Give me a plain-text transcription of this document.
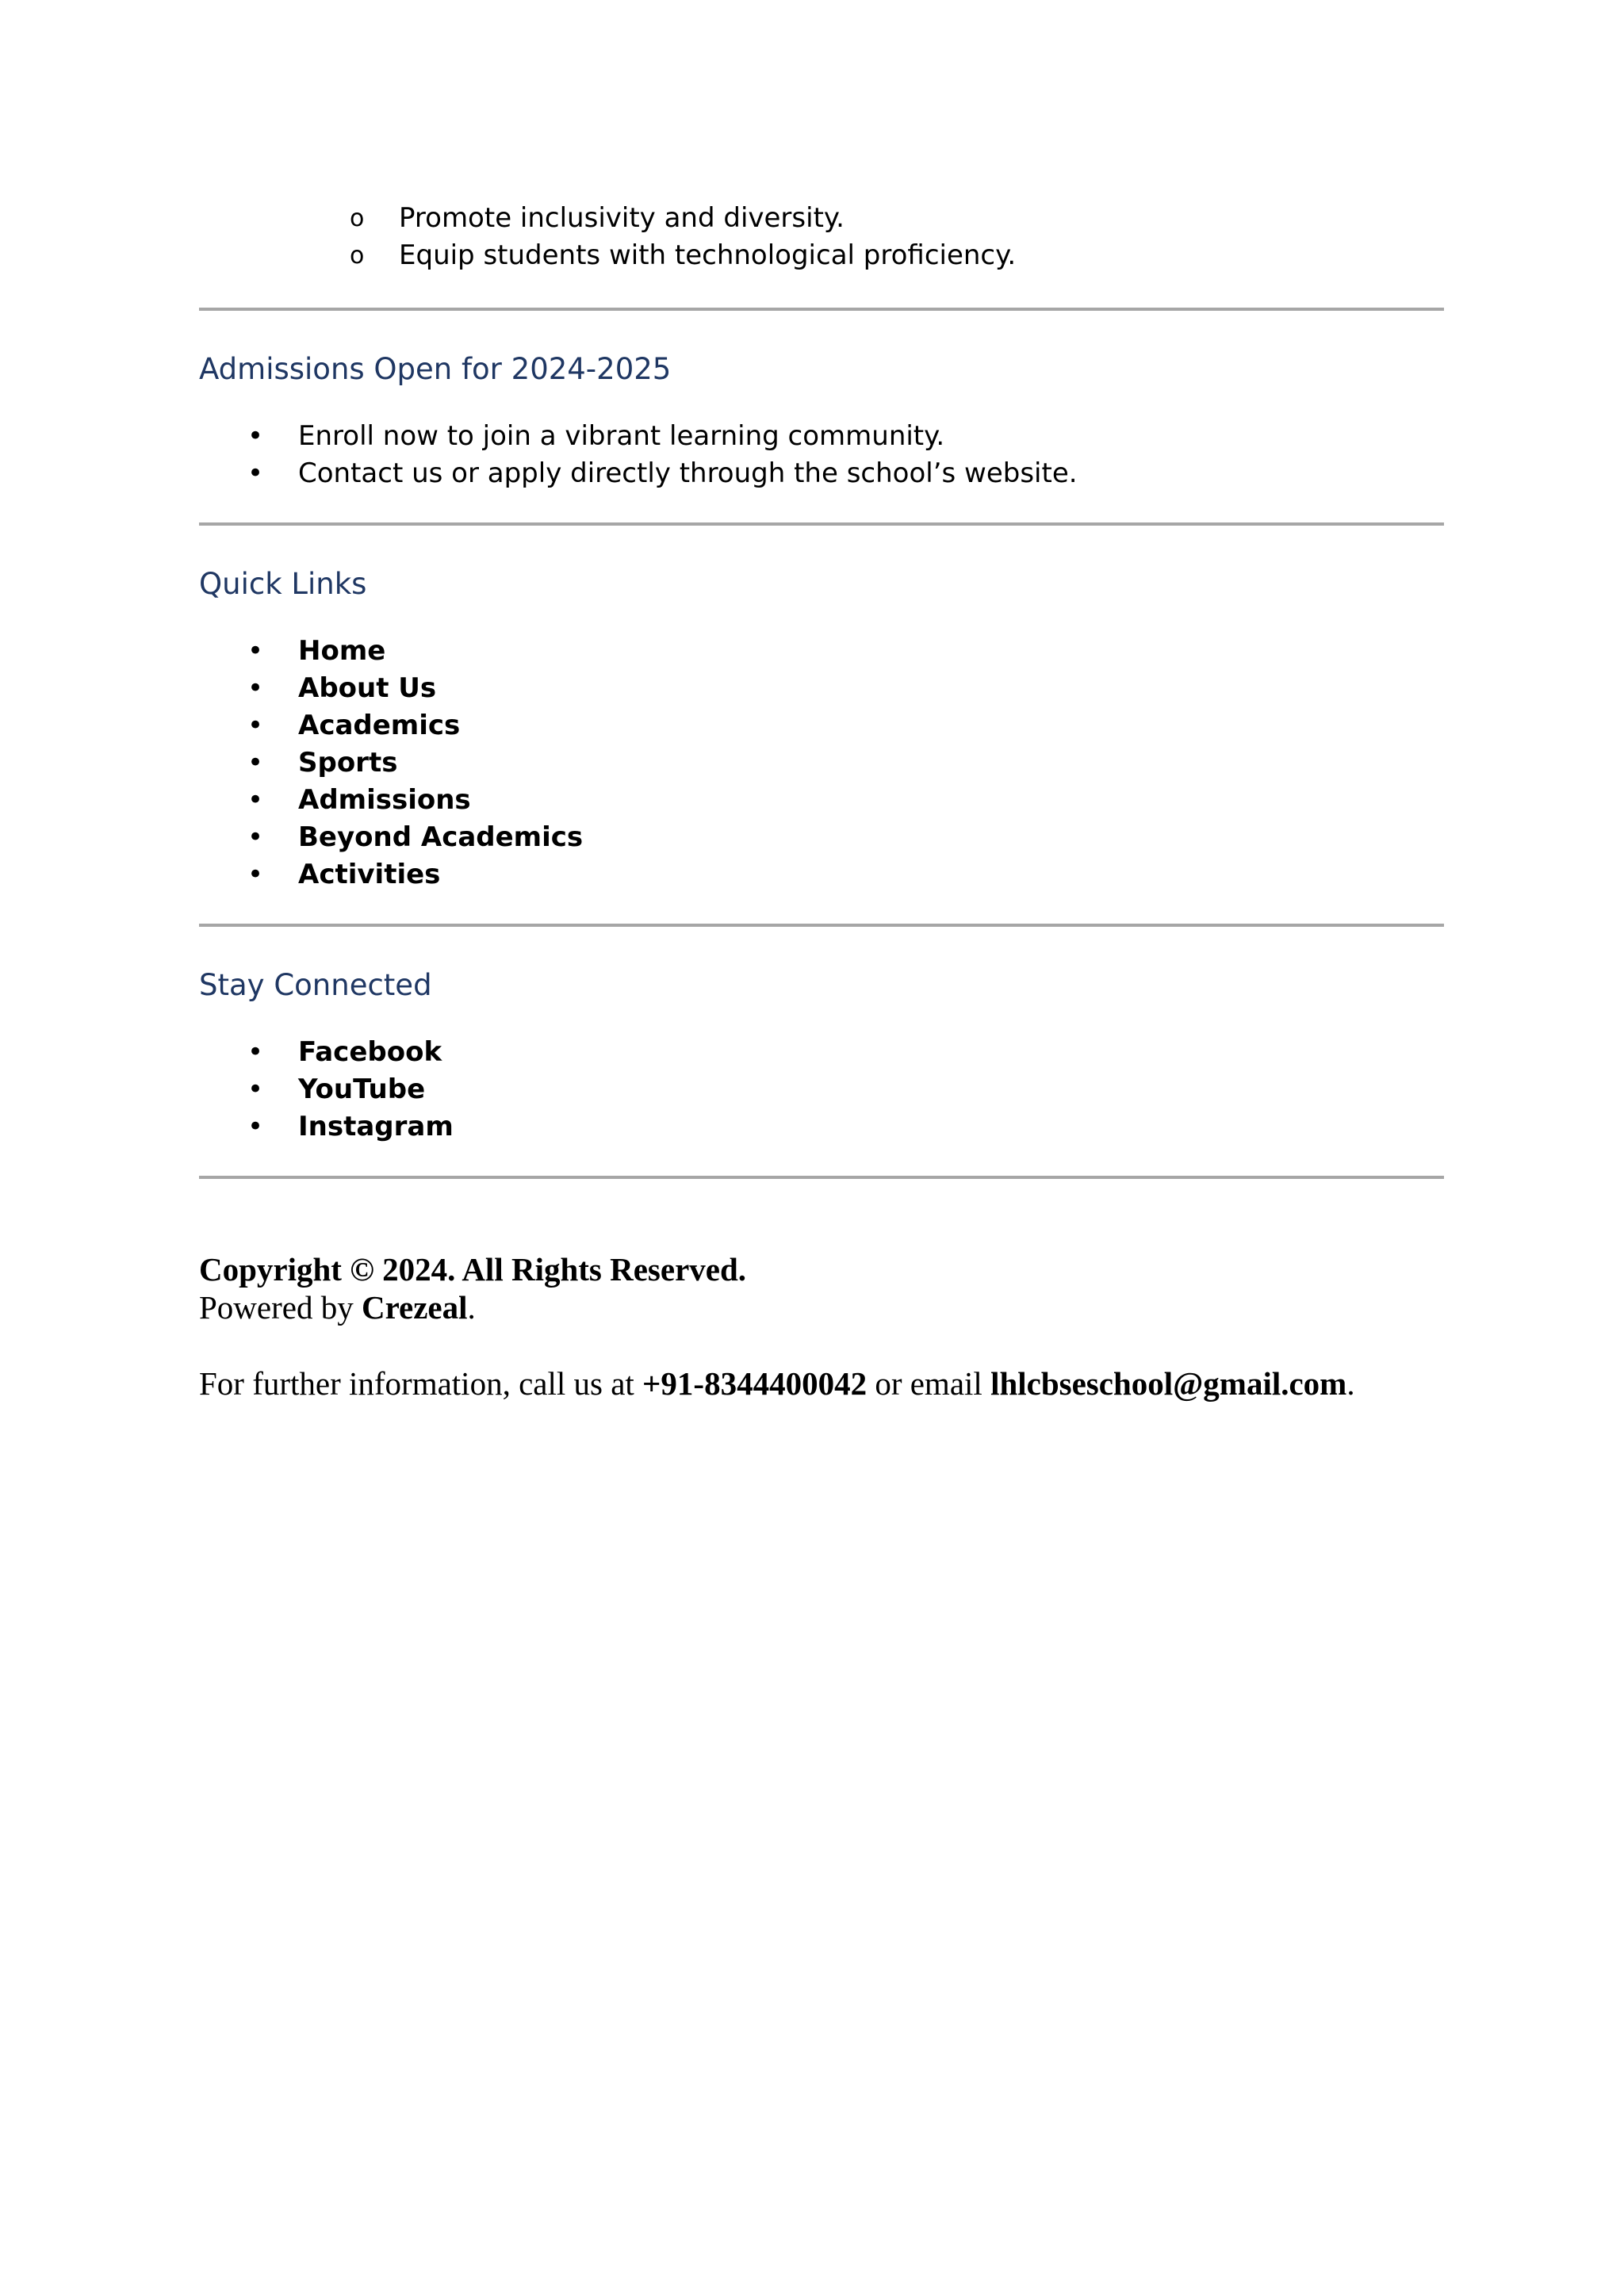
o Promote inclusivity and diversity.
o Equip students with technological proficiency.
Admissions Open for 2024-2025
• Enroll now to join a vibrant learning community.
• Contact us or apply directly through the school’s website.
Quick Links
• Home
• About Us
• Academics
• Sports
• Admissions
• Beyond Academics
• Activities
Stay Connected
• Facebook
• YouTube
• Instagram
Copyright © 2024. All Rights Reserved.
Powered by Crezeal.
For further information, call us at +91-8344400042 or email lhlcbseschool@gmail.com.
